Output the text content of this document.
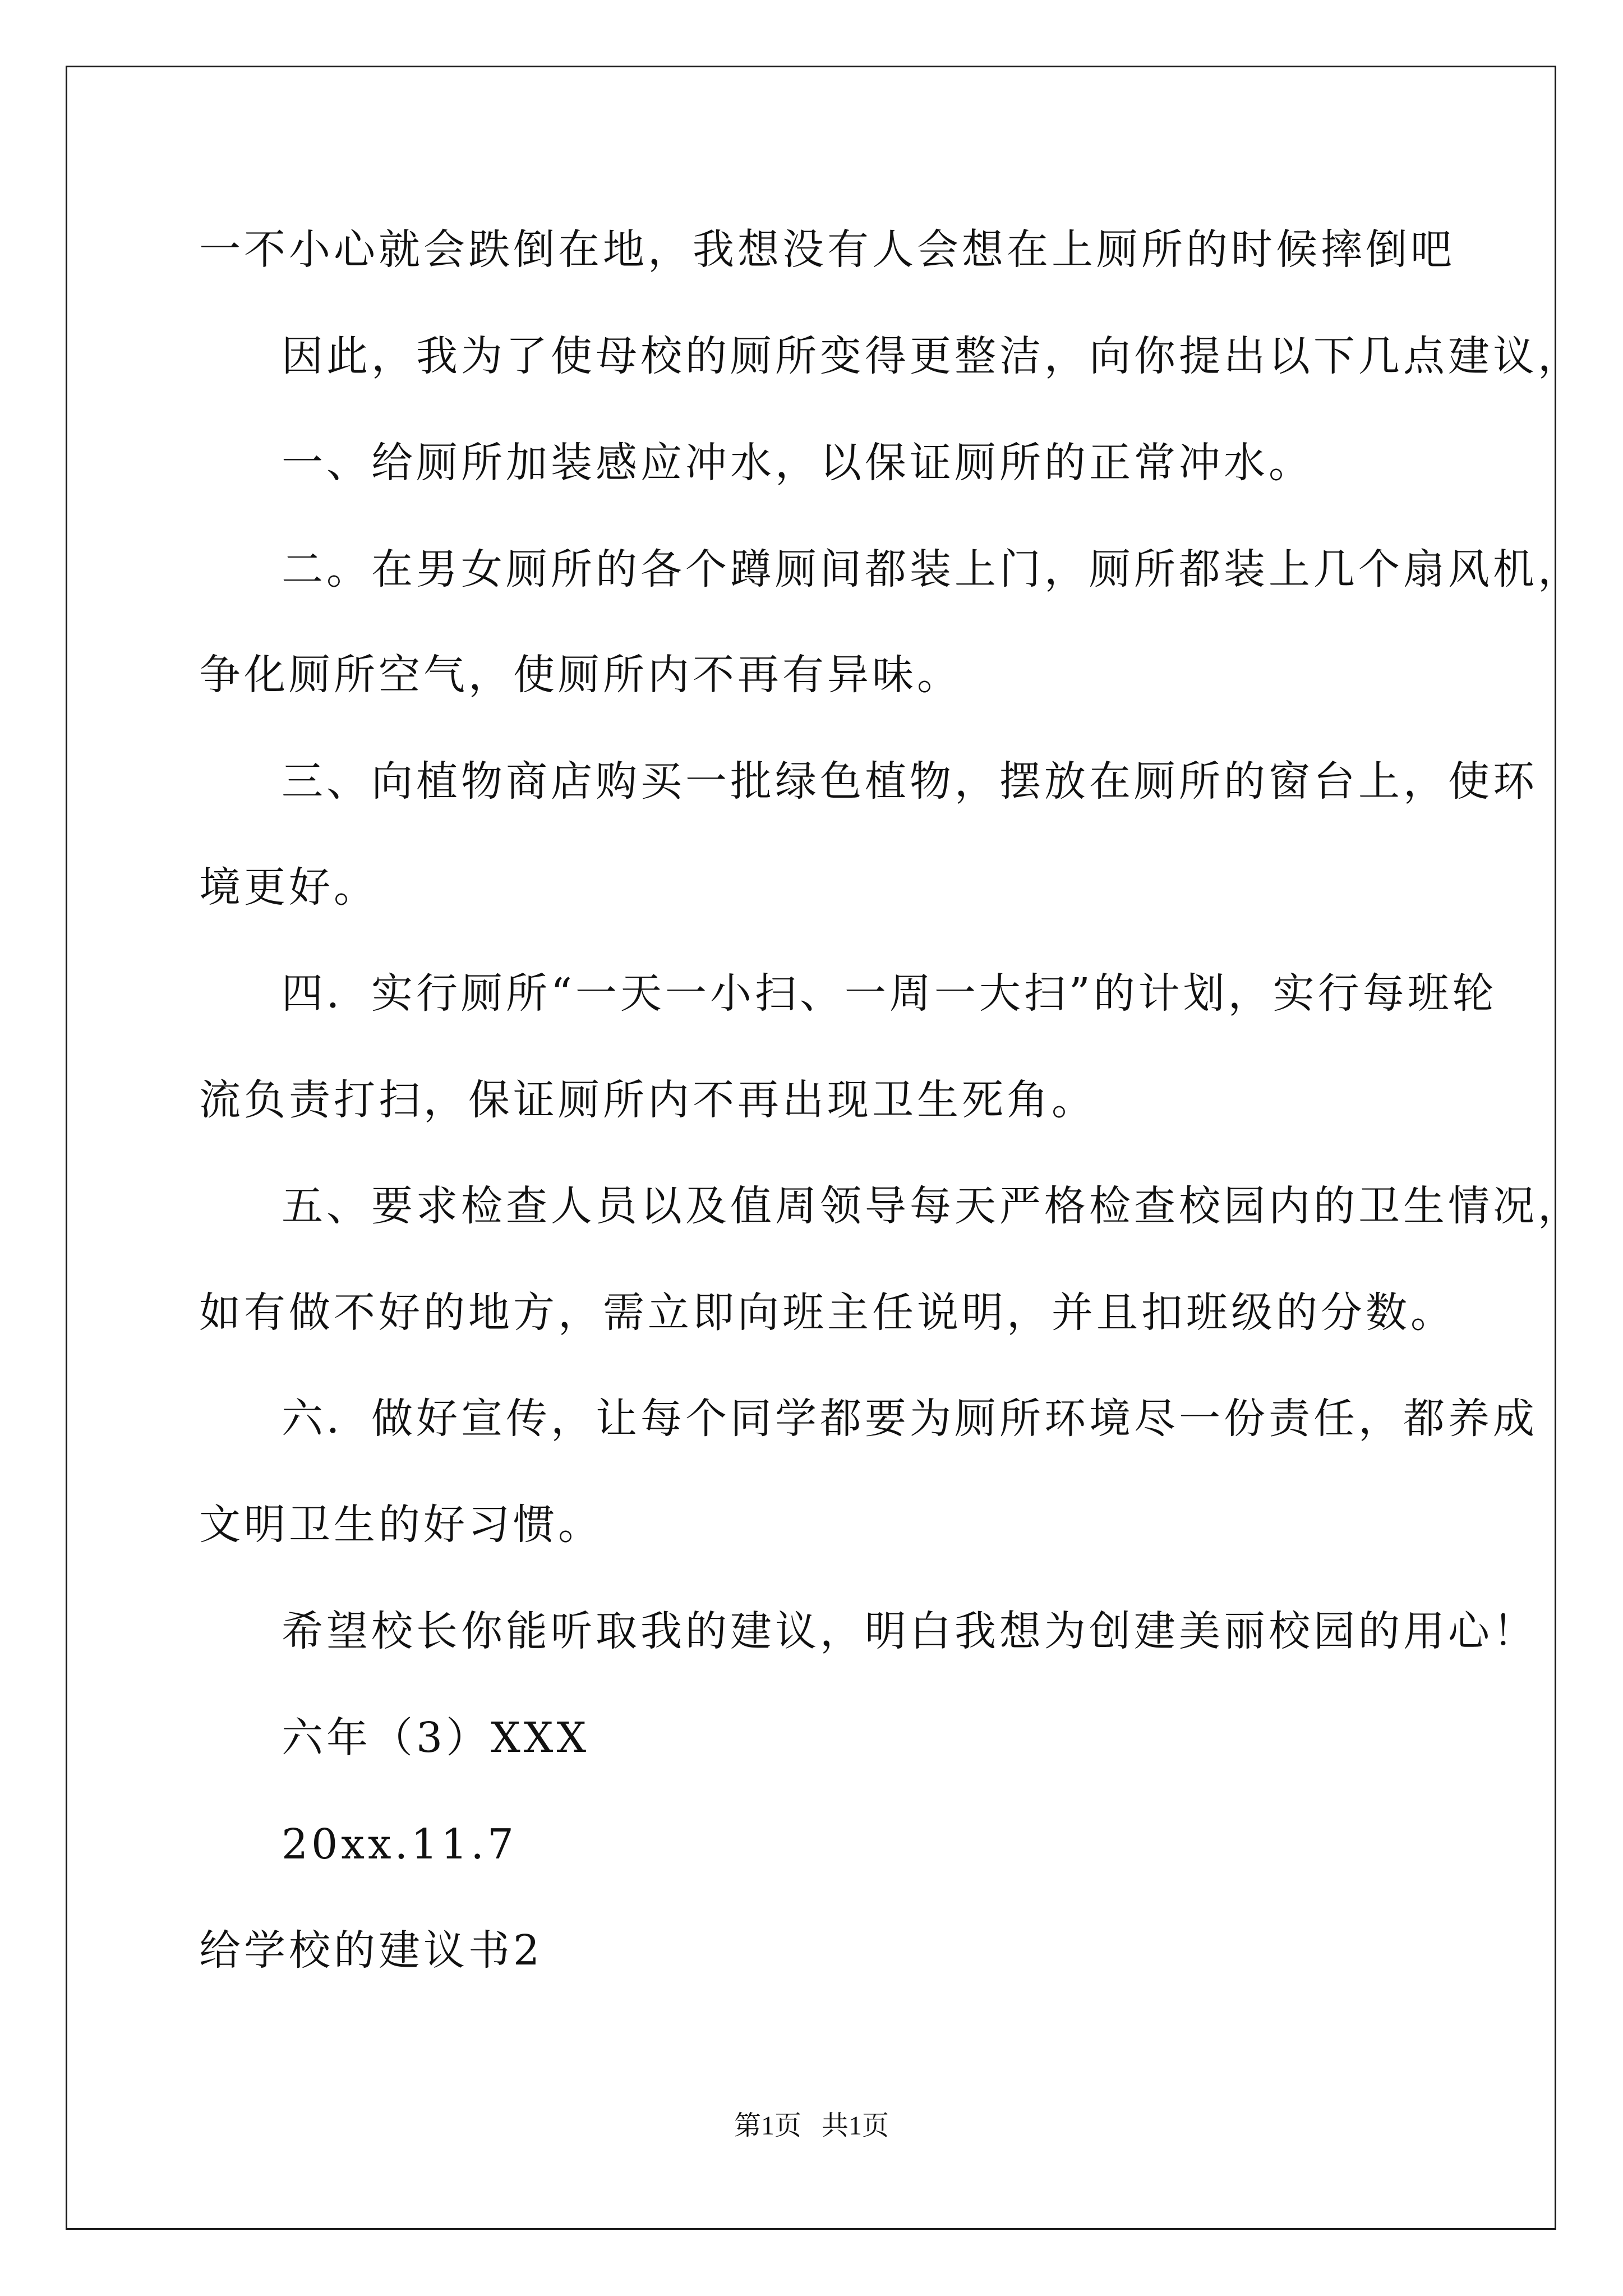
一不小心就会跌倒在地，我想没有人会想在上厕所的时候摔倒吧
因此，我为了使母校的厕所变得更整洁，向你提出以下几点建议，
一、给厕所加装感应冲水，以保证厕所的正常冲水。
二。在男女厕所的各个蹲厕间都装上门，厕所都装上几个扇风机，
争化厕所空气，使厕所内不再有异味。
三、向植物商店购买一批绿色植物，摆放在厕所的窗台上，使环
境更好。
四．实行厕所“一天一小扫、一周一大扫”的计划，实行每班轮
流负责打扫，保证厕所内不再出现卫生死角。
五、要求检查人员以及值周领导每天严格检查校园内的卫生情况，
如有做不好的地方，需立即向班主任说明，并且扣班级的分数。
六．做好宣传，让每个同学都要为厕所环境尽一份责任，都养成
文明卫生的好习惯。
希望校长你能听取我的建议，明白我想为创建美丽校园的用心！
六年（3）XXX
20xx.11.7
给学校的建议书2
第1页   共1页
